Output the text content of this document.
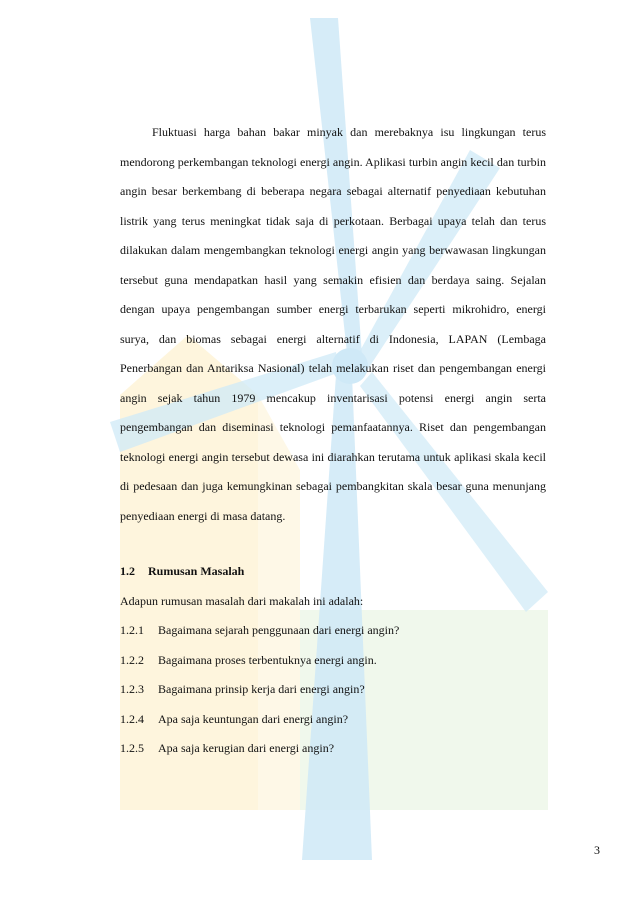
Fluktuasi harga bahan bakar minyak dan merebaknya isu lingkungan terus mendorong perkembangan teknologi energi angin. Aplikasi turbin angin kecil dan turbin angin besar berkembang di beberapa negara sebagai alternatif penyediaan kebutuhan listrik yang terus meningkat tidak saja di perkotaan. Berbagai upaya telah dan terus dilakukan dalam mengembangkan teknologi energi angin yang berwawasan lingkungan tersebut guna mendapatkan hasil yang semakin efisien dan berdaya saing. Sejalan dengan upaya pengembangan sumber energi terbarukan seperti mikrohidro, energi surya, dan biomas sebagai energi alternatif di Indonesia, LAPAN (Lembaga Penerbangan dan Antariksa Nasional) telah melakukan riset dan pengembangan energi angin sejak tahun 1979 mencakup inventarisasi potensi energi angin serta pengembangan dan diseminasi teknologi pemanfaatannya. Riset dan pengembangan teknologi energi angin tersebut dewasa ini diarahkan terutama untuk aplikasi skala kecil di pedesaan dan juga kemungkinan sebagai pembangkitan skala besar guna menunjang penyediaan energi di masa datang.

1.2 Rumusan Masalah
Adapun rumusan masalah dari makalah ini adalah:
1.2.1 Bagaimana sejarah penggunaan dari energi angin?
1.2.2 Bagaimana proses terbentuknya energi angin.
1.2.3 Bagaimana prinsip kerja dari energi angin?
1.2.4 Apa saja keuntungan dari energi angin?
1.2.5 Apa saja kerugian dari energi angin?
3
